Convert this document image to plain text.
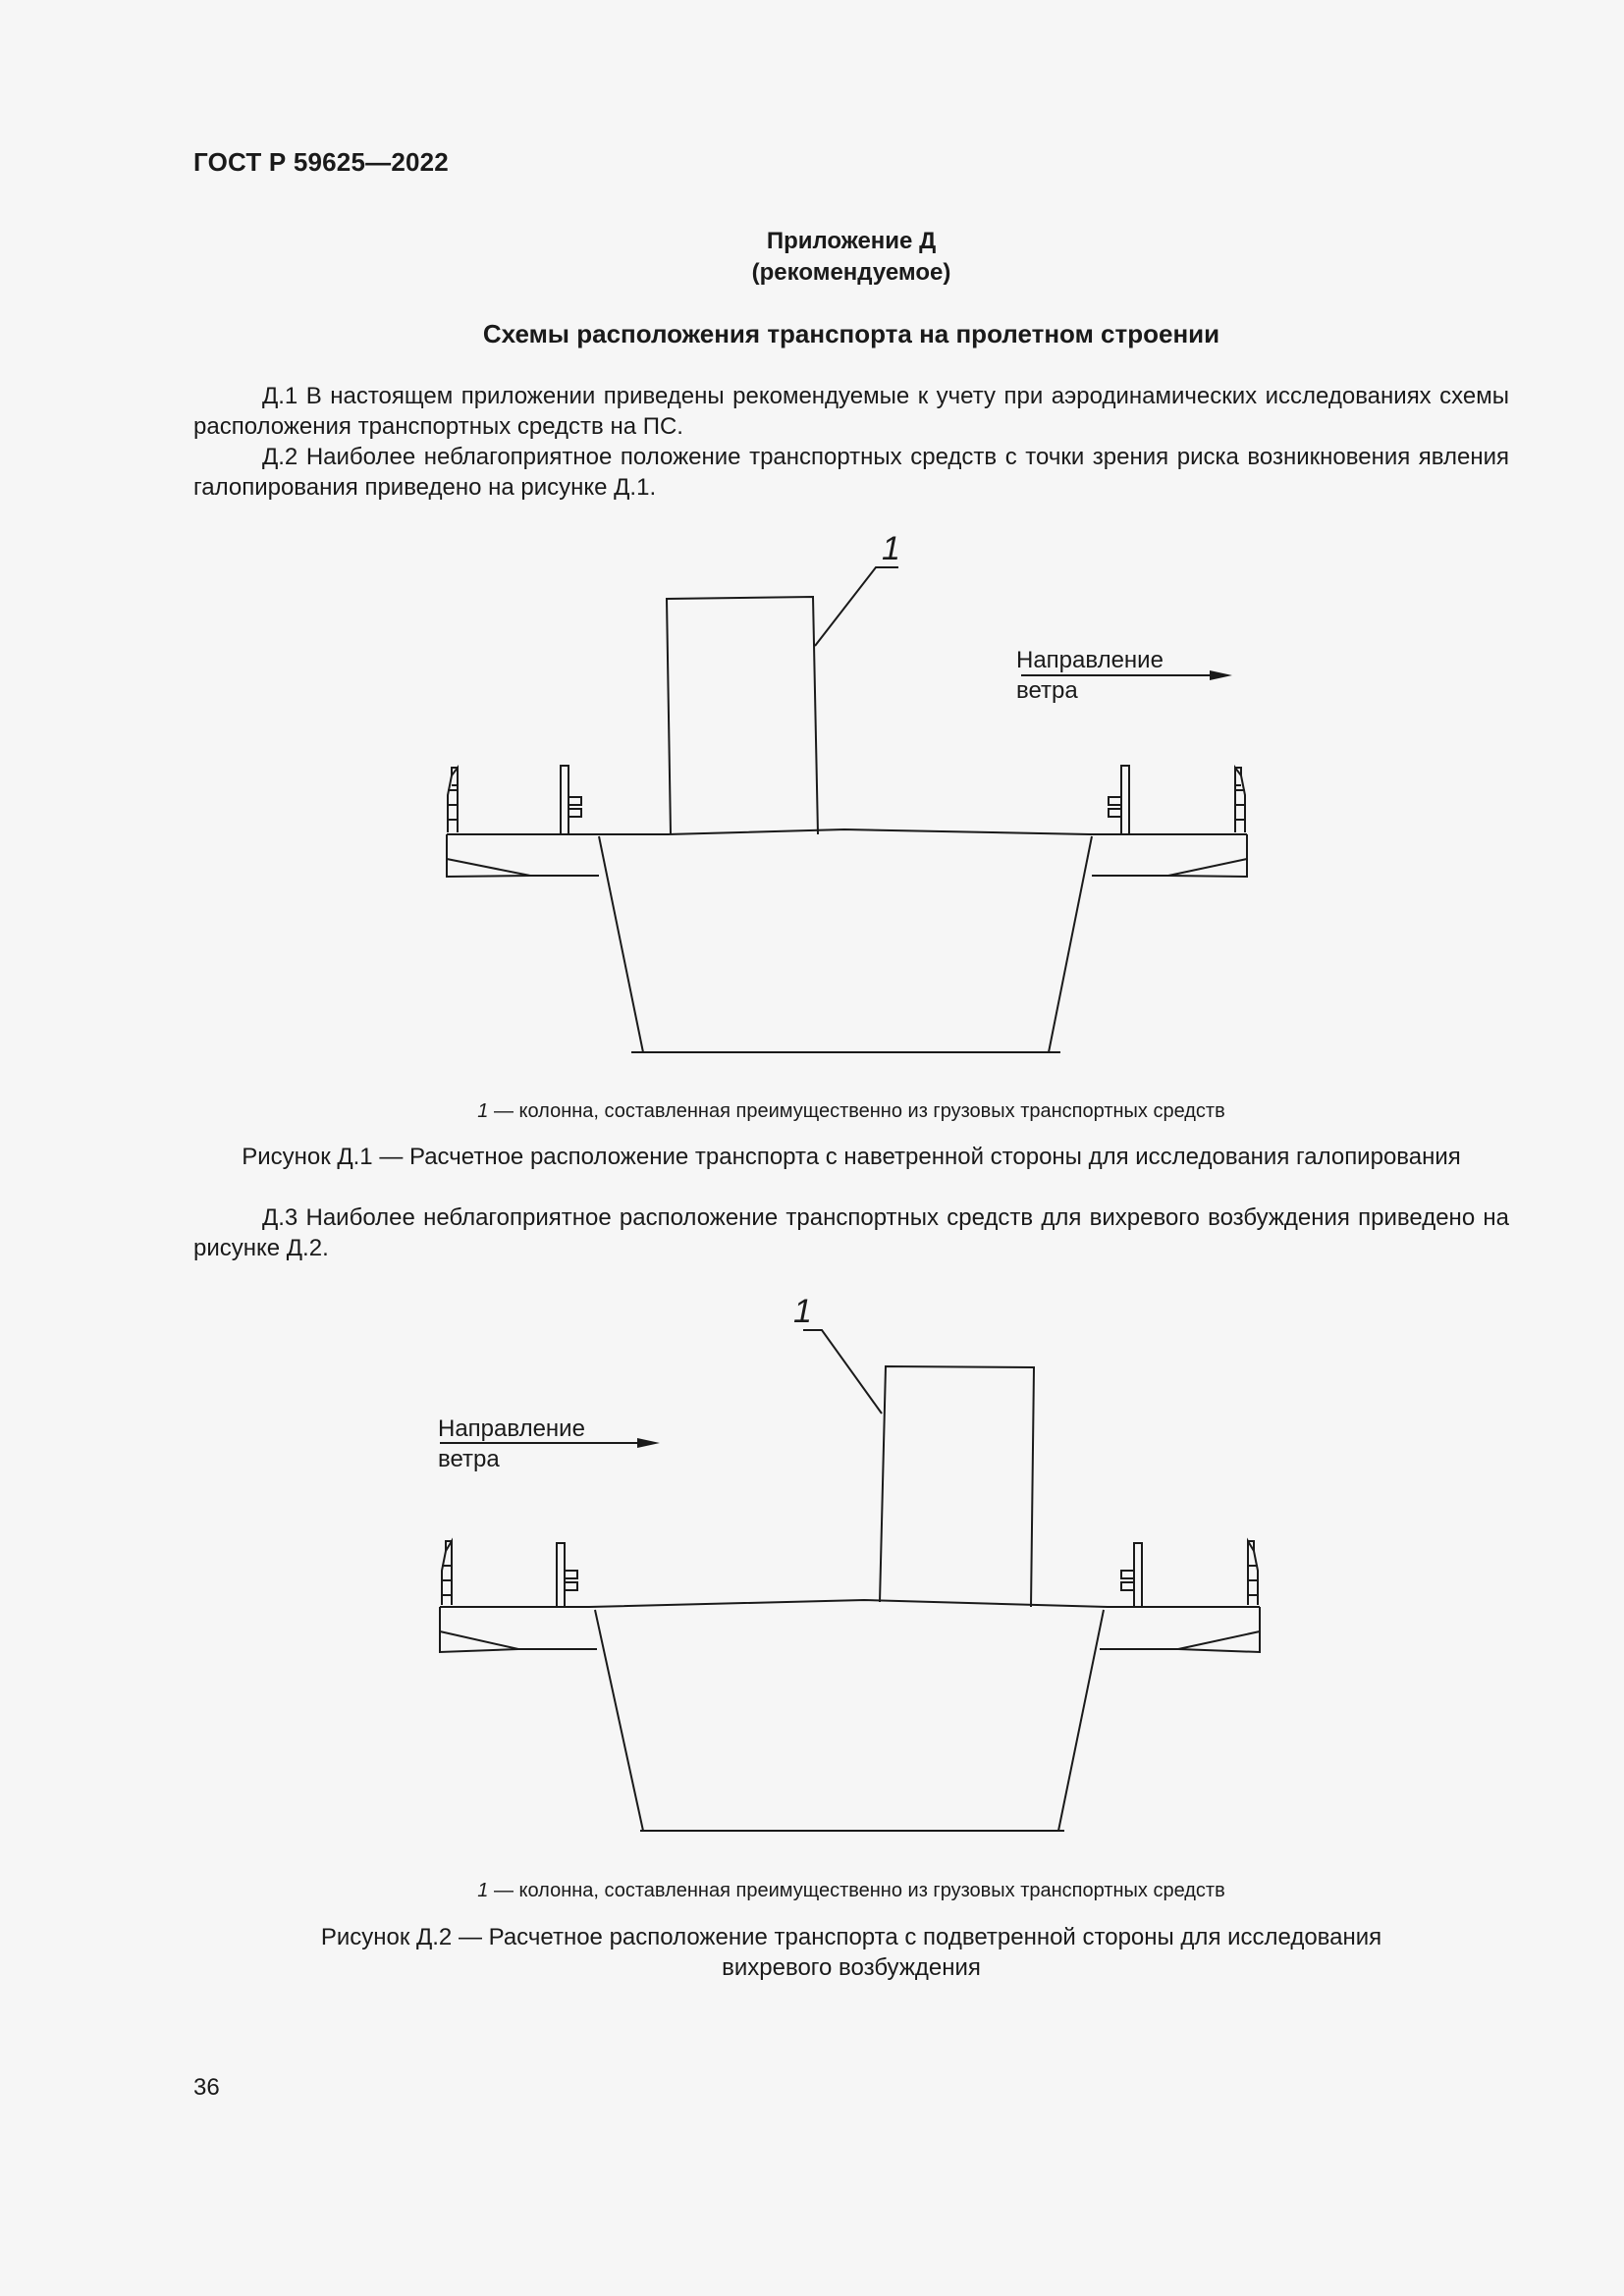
ГОСТ Р 59625—2022
Приложение Д
(рекомендуемое)
Схемы расположения транспорта на пролетном строении

Д.1 В настоящем приложении приведены рекомендуемые к учету при аэродинамических исследованиях схемы расположения транспортных средств на ПС.

Д.2 Наиболее неблагоприятное положение транспортных средств с точки зрения риска возникновения явления галопирования приведено на рисунке Д.1.

1
Направление
ветра
1 — колонна, составленная преимущественно из грузовых транспортных средств
Рисунок Д.1 — Расчетное расположение транспорта с наветренной стороны для исследования галопирования

Д.3 Наиболее неблагоприятное расположение транспортных средств для вихревого возбуждения приведено на рисунке Д.2.

1
Направление
ветра
1 — колонна, составленная преимущественно из грузовых транспортных средств
Рисунок Д.2 — Расчетное расположение транспорта с подветренной стороны для исследования вихревого возбуждения
36
